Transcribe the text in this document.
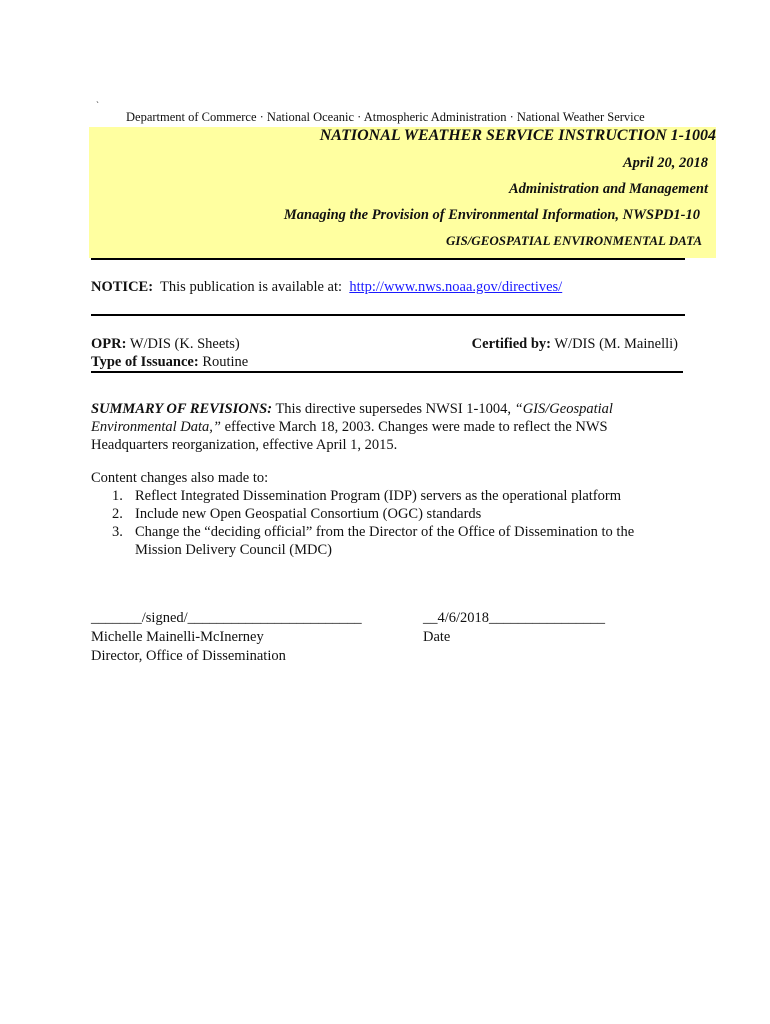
`
Department of Commerce · National Oceanic · Atmospheric Administration · National Weather Service
NATIONAL WEATHER SERVICE INSTRUCTION 1-1004
April 20, 2018
Administration and Management
Managing the Provision of Environmental Information, NWSPD1-10
GIS/GEOSPATIAL ENVIRONMENTAL DATA
NOTICE: This publication is available at: http://www.nws.noaa.gov/directives/
OPR: W/DIS (K. Sheets)	Certified by: W/DIS (M. Mainelli)
Type of Issuance: Routine
SUMMARY OF REVISIONS: This directive supersedes NWSI 1-1004, “GIS/Geospatial
Environmental Data,” effective March 18, 2003. Changes were made to reflect the NWS
Headquarters reorganization, effective April 1, 2015.
Content changes also made to:
1. Reflect Integrated Dissemination Program (IDP) servers as the operational platform
2. Include new Open Geospatial Consortium (OGC) standards
3. Change the “deciding official” from the Director of the Office of Dissemination to the
Mission Delivery Council (MDC)
_______/signed/________________________
Michelle Mainelli-McInerney
Director, Office of Dissemination
__4/6/2018________________
Date
